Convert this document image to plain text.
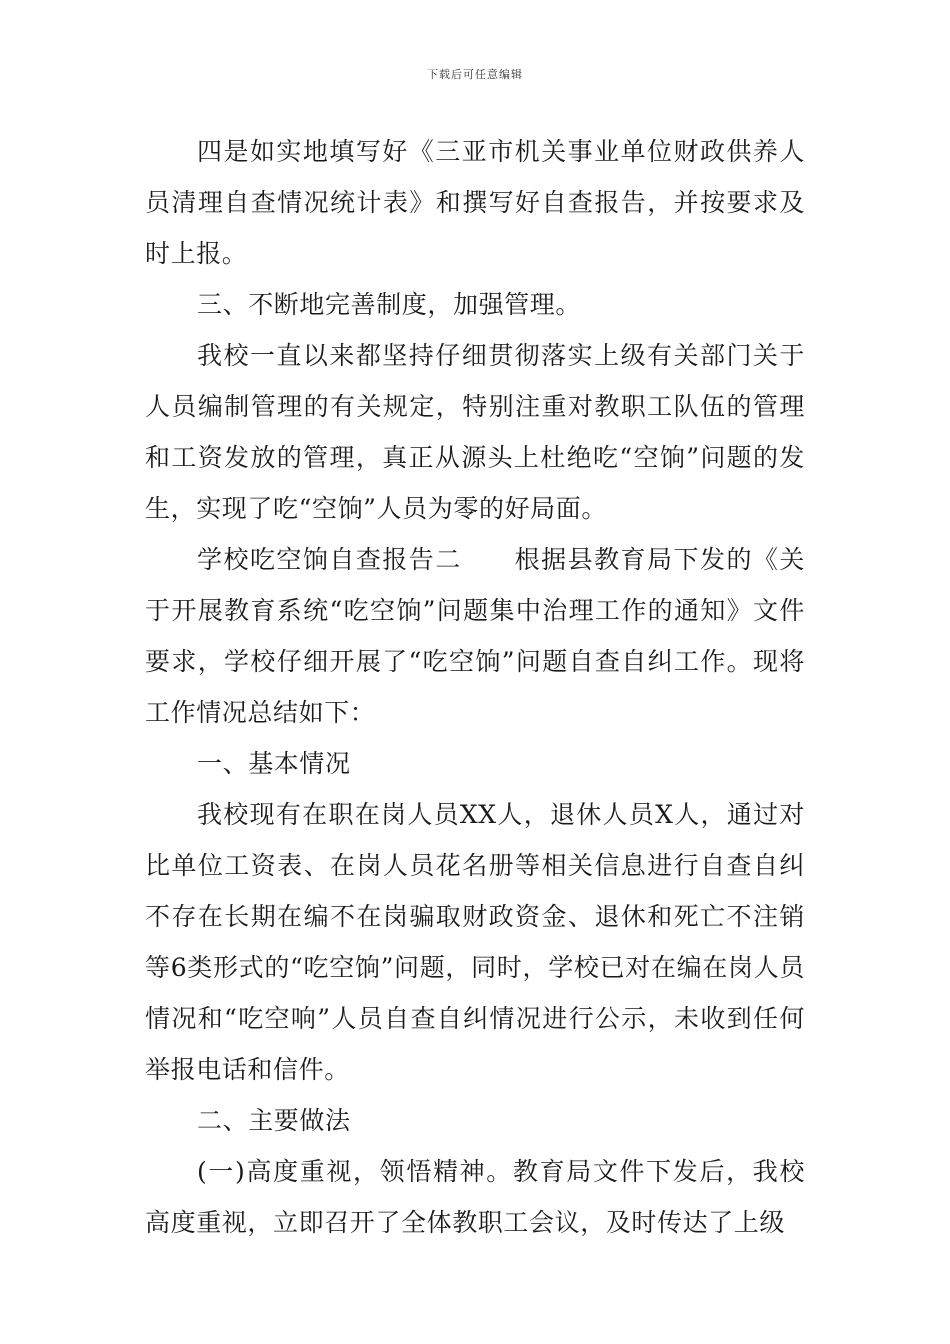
下载后可任意编辑

四是如实地填写好《三亚市机关事业单位财政供养人员清理自查情况统计表》和撰写好自查报告，并按要求及时上报。

三、不断地完善制度，加强管理。

我校一直以来都坚持仔细贯彻落实上级有关部门关于人员编制管理的有关规定，特别注重对教职工队伍的管理和工资发放的管理，真正从源头上杜绝吃“空饷”问题的发生，实现了吃“空饷”人员为零的好局面。

学校吃空饷自查报告二　　根据县教育局下发的《关于开展教育系统“吃空饷”问题集中治理工作的通知》文件要求，学校仔细开展了“吃空饷”问题自查自纠工作。现将工作情况总结如下：

一、基本情况

我校现有在职在岗人员XX人，退休人员X人，通过对比单位工资表、在岗人员花名册等相关信息进行自查自纠不存在长期在编不在岗骗取财政资金、退休和死亡不注销等6类形式的“吃空饷”问题，同时，学校已对在编在岗人员情况和“吃空响”人员自查自纠情况进行公示，未收到任何举报电话和信件。

二、主要做法

(一)高度重视，领悟精神。教育局文件下发后，我校高度重视，立即召开了全体教职工会议，及时传达了上级
